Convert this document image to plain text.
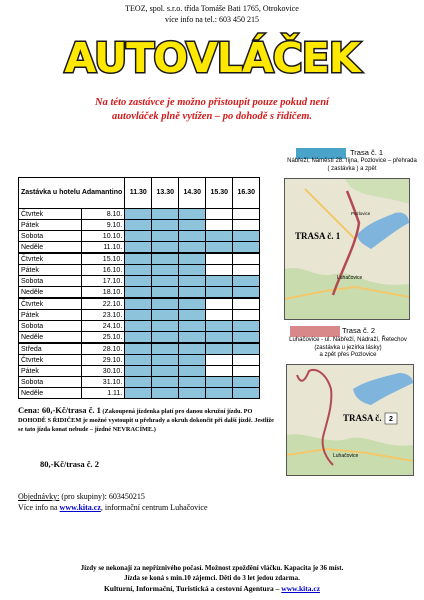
TEOZ, spol. s.r.o. třída Tomáše Bati 1765, Otrokovice
více info na tel.: 603 450 215
AUTOVLÁČEK
Na této zastávce je možno přistoupit pouze pokud není
autovláček plně vytížen – po dohodě s řidičem.
Zastávka u hotelu Adamantino		11.30	13.30	14.30	15.30	16.30
Čtvrtek	8.10.					
Pátek	9.10.					
Sobota	10.10.					
Neděle	11.10.					
Čtvrtek	15.10.					
Pátek	16.10.					
Sobota	17.10.					
Neděle	18.10.					
Čtvrtek	22.10.					
Pátek	23.10.					
Sobota	24.10.					
Neděle	25.10.					
Středa	28.10.					
Čtvrtek	29.10.					
Pátek	30.10.					
Sobota	31.10.					
Neděle	1.11.					
Trasa č. 1
Nábřeží, Náměstí 28. října, Pozlovice – přehrada ( zastávka ) a zpět
TRASA č. 1
Luhačovice
Pozlovice
Trasa č. 2
Luhačovice - ul. Nábřeží, Nádraží, Řetechov
(zastávka u jezírka lásky)
a zpět přes Pozlovice
TRASA č. 2
Luhačovice
Cena: 60,-Kč/trasa č. 1 (Zakoupená jízdenka platí pro danou okružní jízdu. PO DOHODĚ S ŘIDIČEM je možné vystoupit u přehrady a okruh dokončit při další jízdě. Jestliže se tato jízda konat nebude – jízdné NEVRACÍME.)
80,-Kč/trasa č. 2
Objednávky: (pro skupiny): 603450215
Více info na www.kita.cz, informační centrum Luhačovice
Jízdy se nekonají za nepříznivého počasí. Možnost zpoždění vláčku. Kapacita je 36 míst.
Jízda se koná s min.10 zájemci. Děti do 3 let jedou zdarma.
Kulturní, Informační, Turistická a cestovní Agentura – www.kita.cz
